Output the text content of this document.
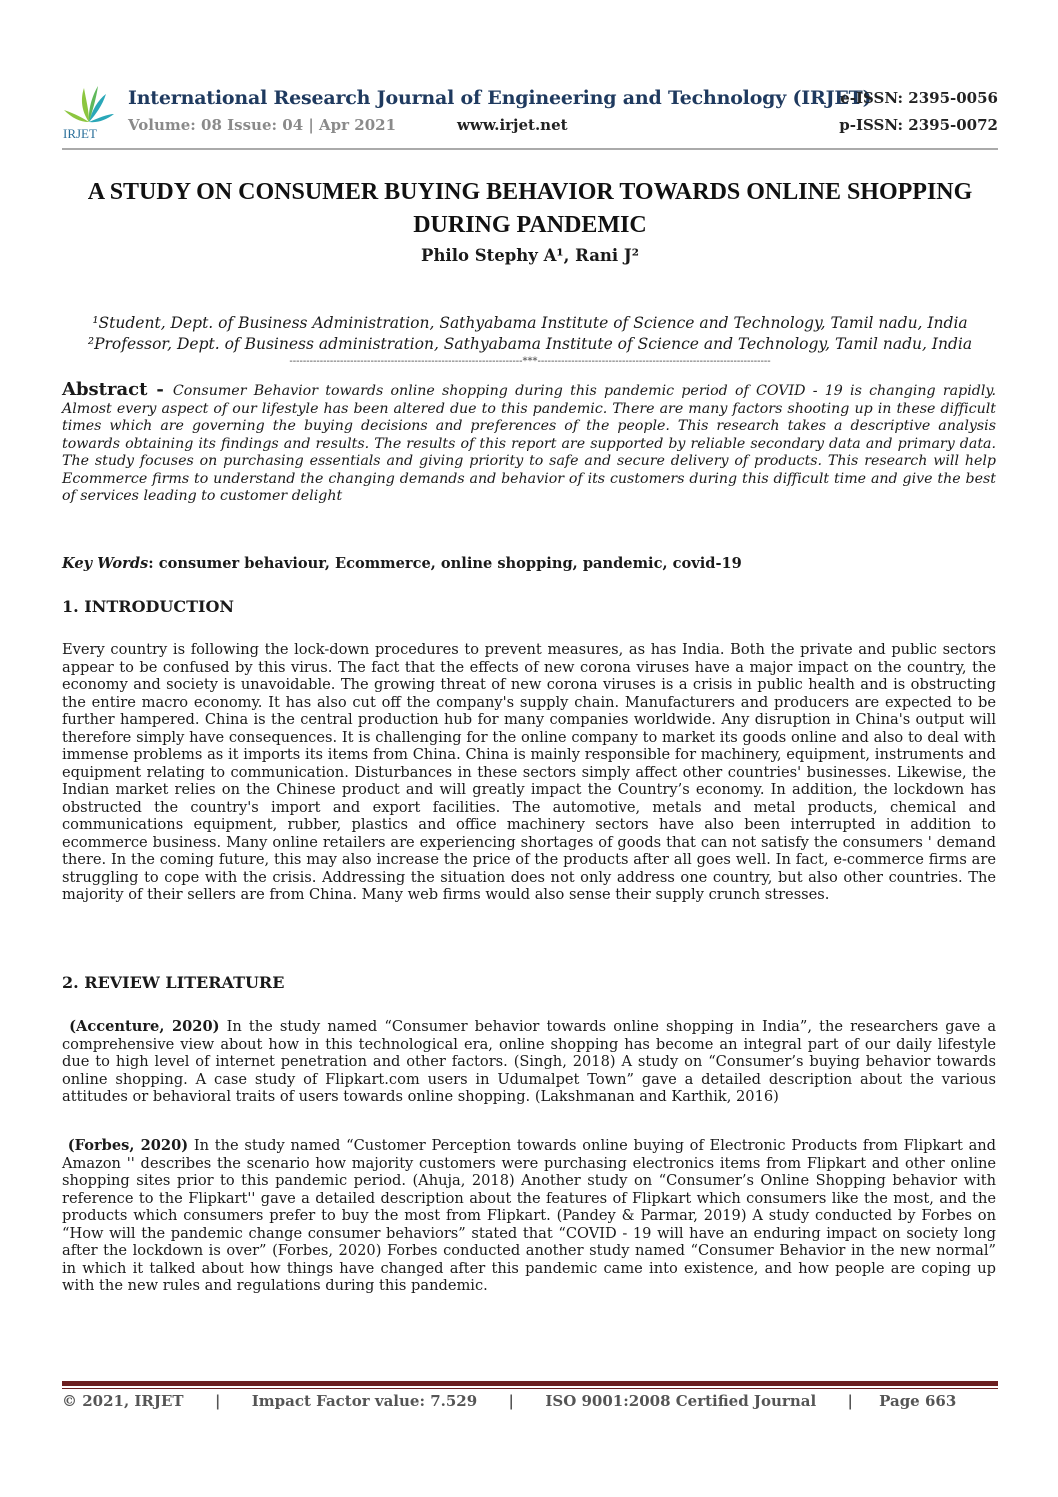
IRJET
International Research Journal of Engineering and Technology (IRJET)
Volume: 08 Issue: 04 | Apr 2021	www.irjet.net
e-ISSN: 2395-0056
p-ISSN: 2395-0072
A STUDY ON CONSUMER BUYING BEHAVIOR TOWARDS ONLINE SHOPPING DURING PANDEMIC
Philo Stephy A¹, Rani J²
¹Student, Dept. of Business Administration, Sathyabama Institute of Science and Technology, Tamil nadu, India
²Professor, Dept. of Business administration, Sathyabama Institute of Science and Technology, Tamil nadu, India
---------------------------------------------------------------------***---------------------------------------------------------------------
Abstract - Consumer Behavior towards online shopping during this pandemic period of COVID - 19 is changing rapidly. Almost every aspect of our lifestyle has been altered due to this pandemic. There are many factors shooting up in these difficult times which are governing the buying decisions and preferences of the people. This research takes a descriptive analysis towards obtaining its findings and results. The results of this report are supported by reliable secondary data and primary data. The study focuses on purchasing essentials and giving priority to safe and secure delivery of products. This research will help Ecommerce firms to understand the changing demands and behavior of its customers during this difficult time and give the best of services leading to customer delight
Key Words: consumer behaviour, Ecommerce, online shopping, pandemic, covid-19
1. INTRODUCTION
Every country is following the lock-down procedures to prevent measures, as has India. Both the private and public sectors appear to be confused by this virus. The fact that the effects of new corona viruses have a major impact on the country, the economy and society is unavoidable. The growing threat of new corona viruses is a crisis in public health and is obstructing the entire macro economy. It has also cut off the company's supply chain. Manufacturers and producers are expected to be further hampered. China is the central production hub for many companies worldwide. Any disruption in China's output will therefore simply have consequences. It is challenging for the online company to market its goods online and also to deal with immense problems as it imports its items from China. China is mainly responsible for machinery, equipment, instruments and equipment relating to communication. Disturbances in these sectors simply affect other countries' businesses. Likewise, the Indian market relies on the Chinese product and will greatly impact the Country’s economy. In addition, the lockdown has obstructed the country's import and export facilities. The automotive, metals and metal products, chemical and communications equipment, rubber, plastics and office machinery sectors have also been interrupted in addition to ecommerce business. Many online retailers are experiencing shortages of goods that can not satisfy the consumers ' demand there. In the coming future, this may also increase the price of the products after all goes well. In fact, e-commerce firms are struggling to cope with the crisis. Addressing the situation does not only address one country, but also other countries. The majority of their sellers are from China. Many web firms would also sense their supply crunch stresses.
2. REVIEW LITERATURE
(Accenture, 2020) In the study named “Consumer behavior towards online shopping in India”, the researchers gave a comprehensive view about how in this technological era, online shopping has become an integral part of our daily lifestyle due to high level of internet penetration and other factors. (Singh, 2018) A study on “Consumer’s buying behavior towards online shopping. A case study of Flipkart.com users in Udumalpet Town” gave a detailed description about the various attitudes or behavioral traits of users towards online shopping. (Lakshmanan and Karthik, 2016)
(Forbes, 2020) In the study named “Customer Perception towards online buying of Electronic Products from Flipkart and Amazon '' describes the scenario how majority customers were purchasing electronics items from Flipkart and other online shopping sites prior to this pandemic period. (Ahuja, 2018) Another study on “Consumer’s Online Shopping behavior with reference to the Flipkart'' gave a detailed description about the features of Flipkart which consumers like the most, and the products which consumers prefer to buy the most from Flipkart. (Pandey & Parmar, 2019) A study conducted by Forbes on “How will the pandemic change consumer behaviors” stated that “COVID - 19 will have an enduring impact on society long after the lockdown is over” (Forbes, 2020) Forbes conducted another study named “Consumer Behavior in the new normal” in which it talked about how things have changed after this pandemic came into existence, and how people are coping up with the new rules and regulations during this pandemic.
© 2021, IRJET | Impact Factor value: 7.529 | ISO 9001:2008 Certified Journal | Page 663
